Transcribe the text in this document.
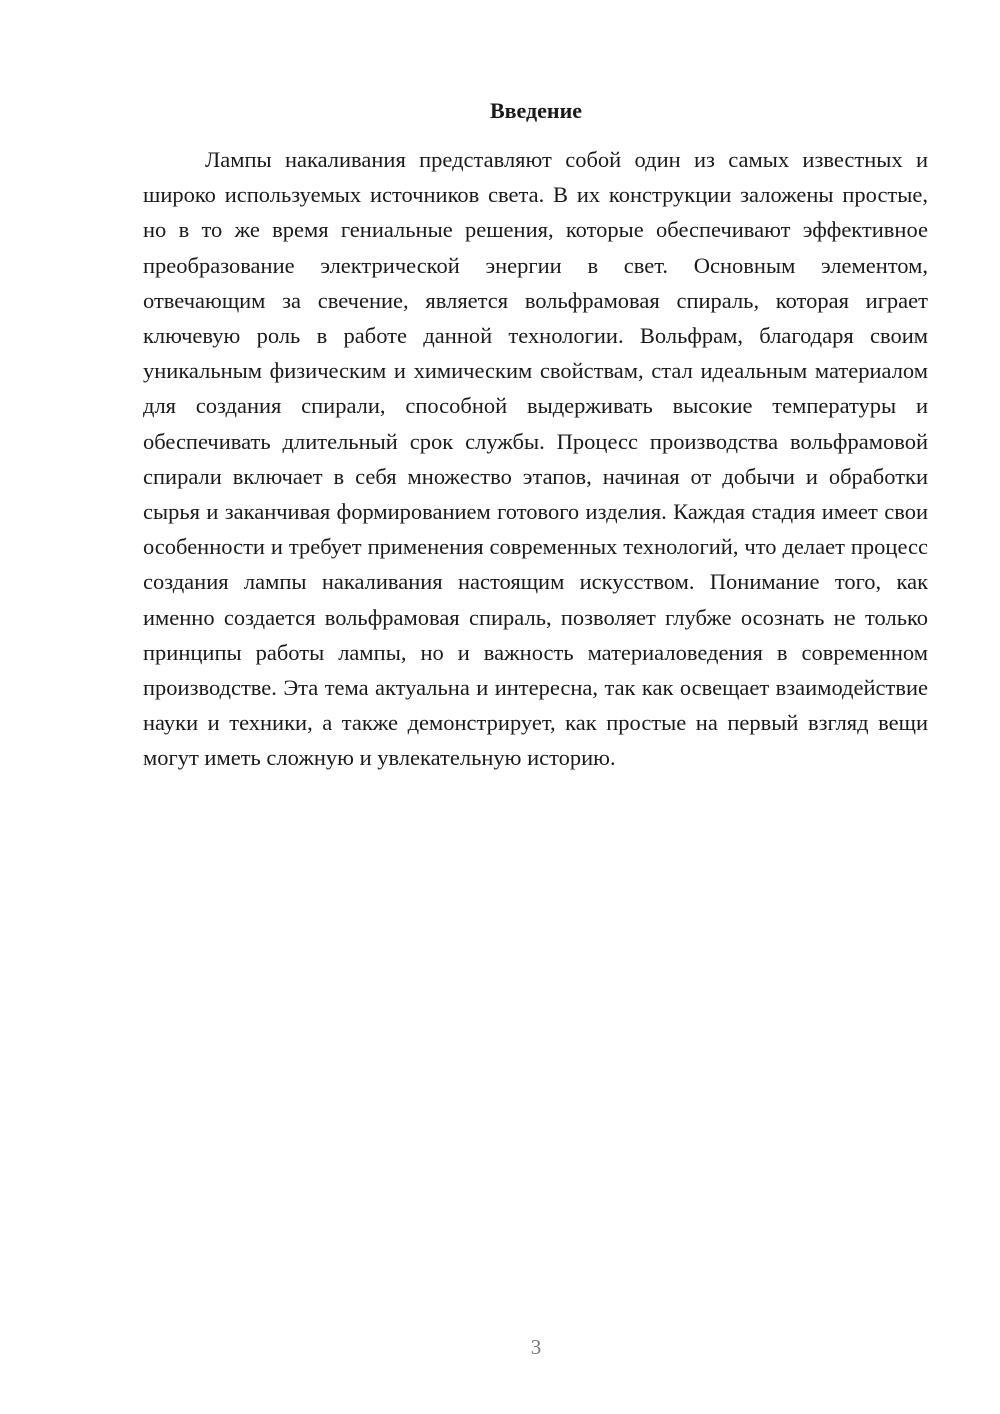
Введение

Лампы накаливания представляют собой один из самых известных и широко используемых источников света. В их конструкции заложены простые, но в то же время гениальные решения, которые обеспечивают эффективное преобразование электрической энергии в свет. Основным элементом, отвечающим за свечение, является вольфрамовая спираль, которая играет ключевую роль в работе данной технологии. Вольфрам, благодаря своим уникальным физическим и химическим свойствам, стал идеальным материалом для создания спирали, способной выдерживать высокие температуры и обеспечивать длительный срок службы. Процесс производства вольфрамовой спирали включает в себя множество этапов, начиная от добычи и обработки сырья и заканчивая формированием готового изделия. Каждая стадия имеет свои особенности и требует применения современных технологий, что делает процесс создания лампы накаливания настоящим искусством. Понимание того, как именно создается вольфрамовая спираль, позволяет глубже осознать не только принципы работы лампы, но и важность материаловедения в современном производстве. Эта тема актуальна и интересна, так как освещает взаимодействие науки и техники, а также демонстрирует, как простые на первый взгляд вещи могут иметь сложную и увлекательную историю.

3
